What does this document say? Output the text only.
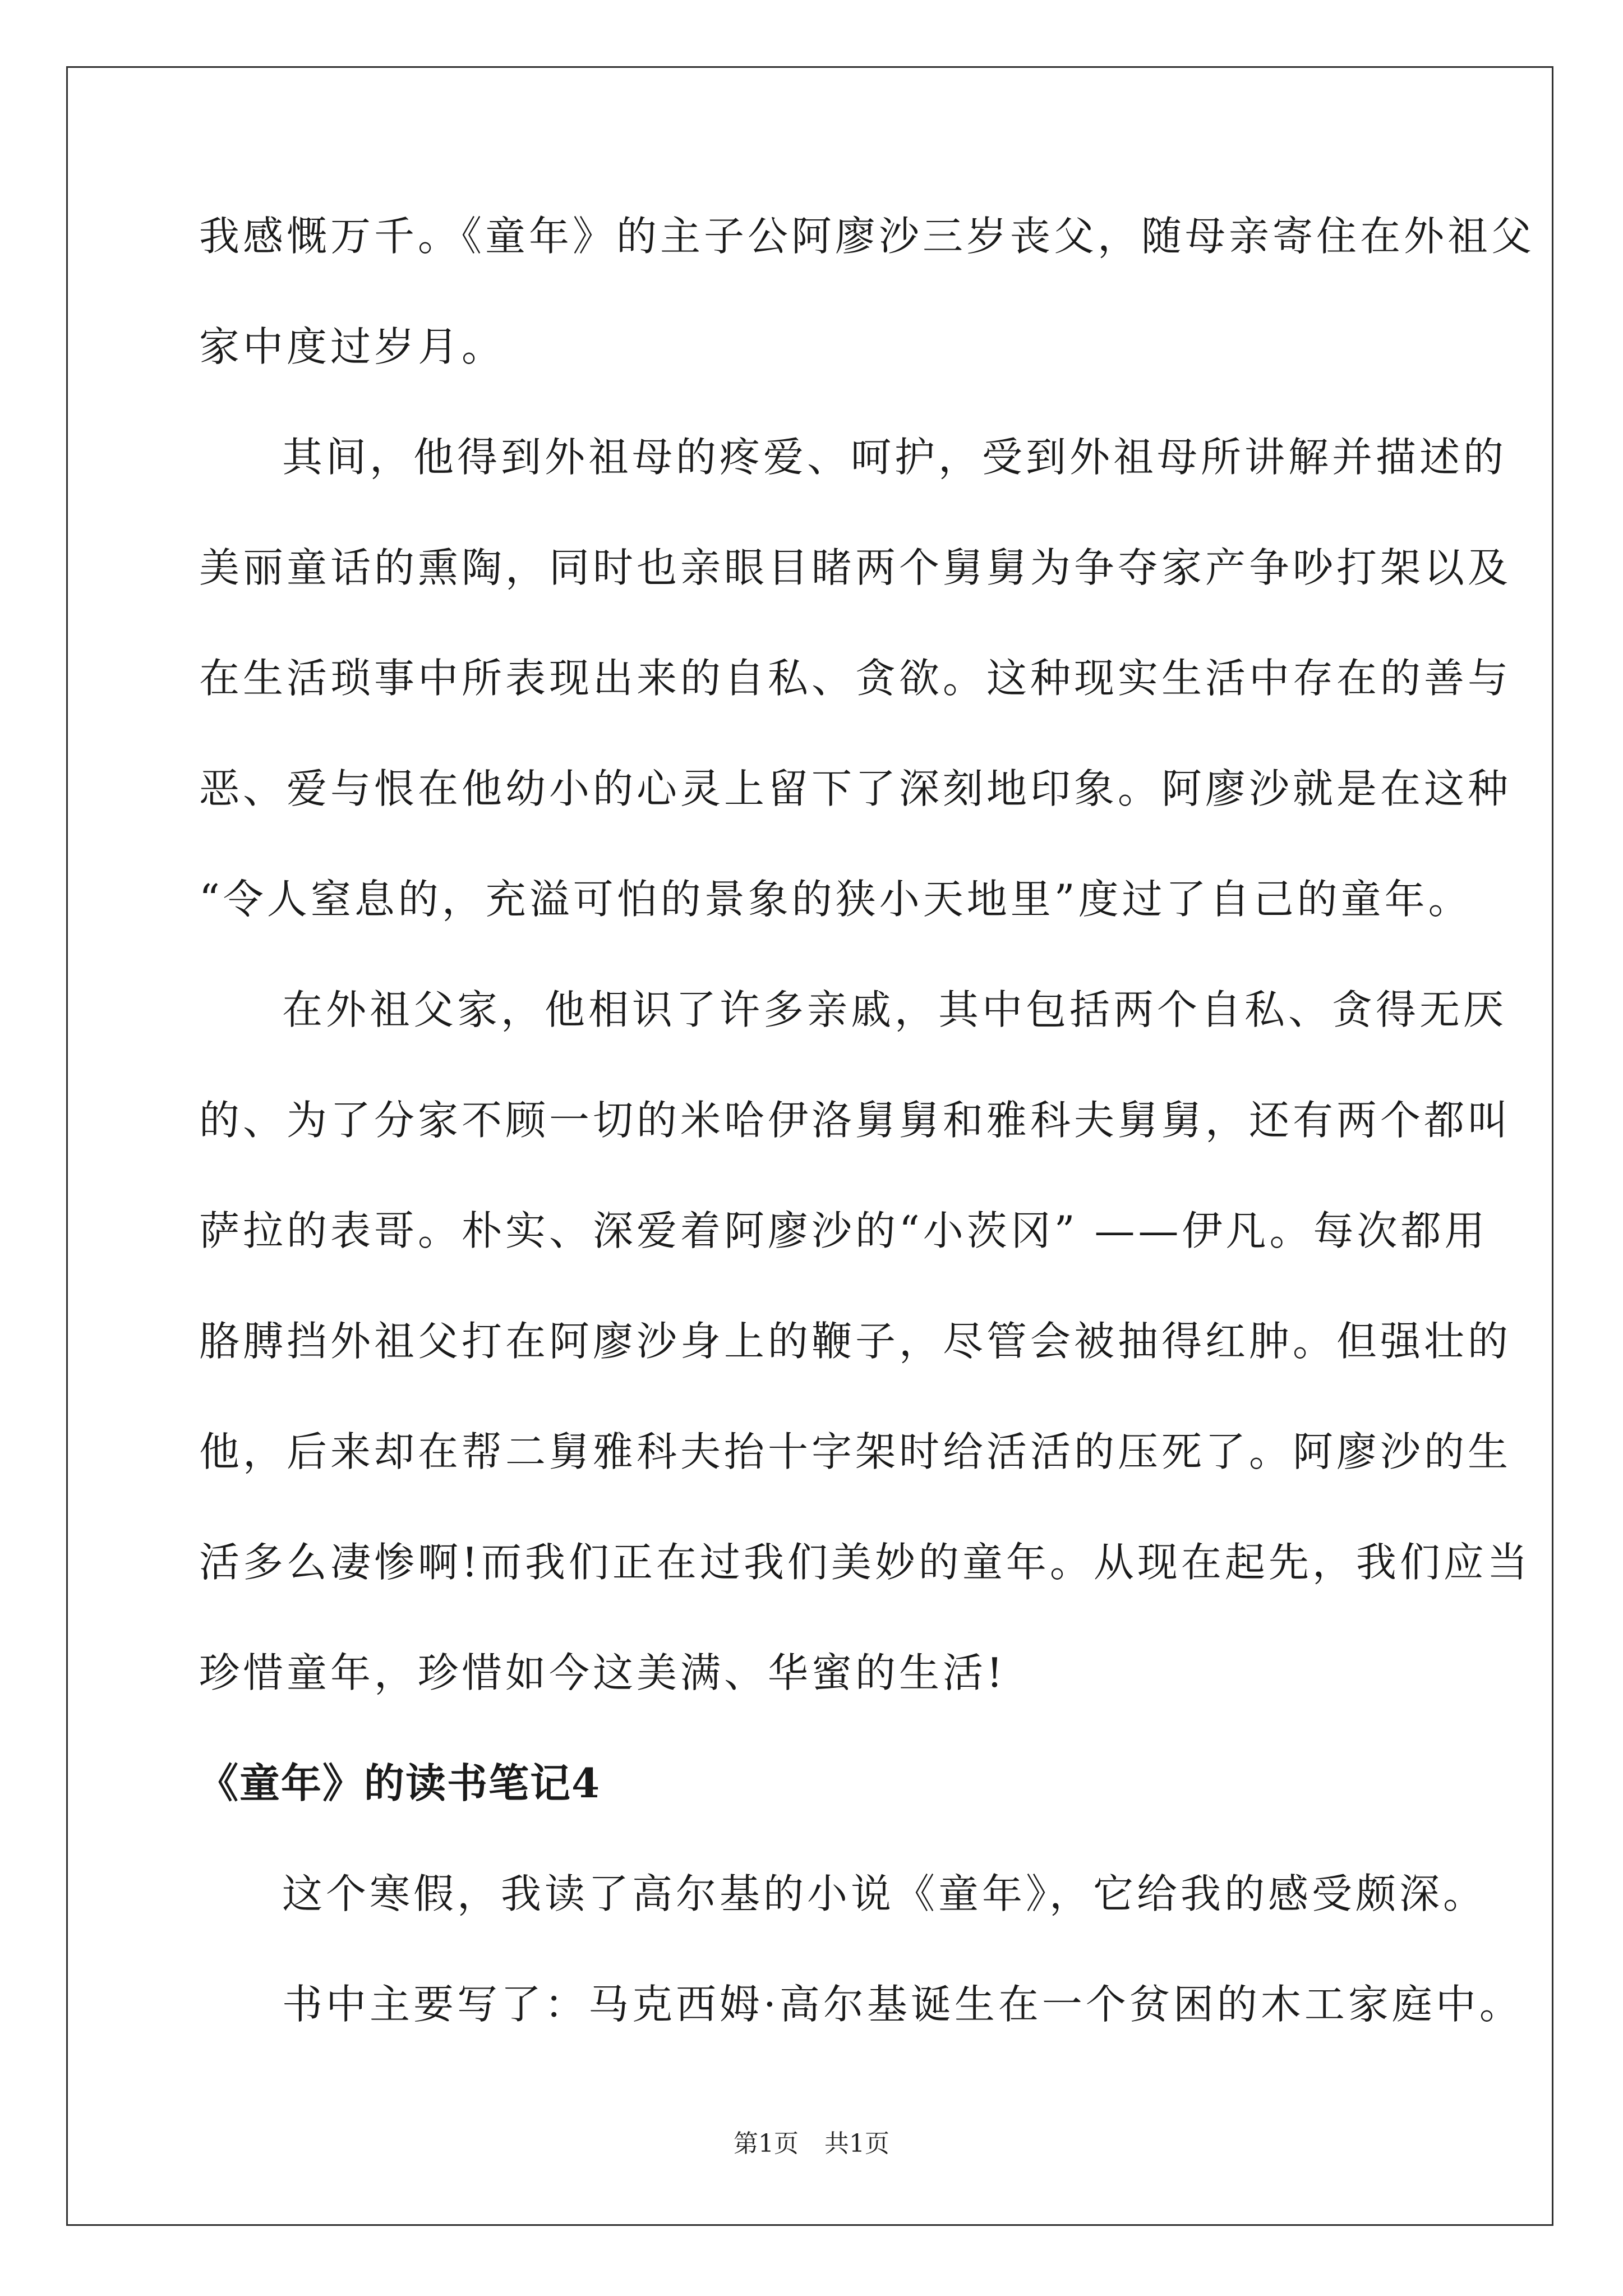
我感慨万千。《童年》的主子公阿廖沙三岁丧父，随母亲寄住在外祖父

家中度过岁月。

其间，他得到外祖母的疼爱、呵护，受到外祖母所讲解并描述的

美丽童话的熏陶，同时也亲眼目睹两个舅舅为争夺家产争吵打架以及

在生活琐事中所表现出来的自私、贪欲。这种现实生活中存在的善与

恶、爱与恨在他幼小的心灵上留下了深刻地印象。阿廖沙就是在这种

“令人窒息的，充溢可怕的景象的狭小天地里”度过了自己的童年。

在外祖父家，他相识了许多亲戚，其中包括两个自私、贪得无厌

的、为了分家不顾一切的米哈伊洛舅舅和雅科夫舅舅，还有两个都叫

萨拉的表哥。朴实、深爱着阿廖沙的“小茨冈” ——伊凡。每次都用

胳膊挡外祖父打在阿廖沙身上的鞭子，尽管会被抽得红肿。但强壮的

他，后来却在帮二舅雅科夫抬十字架时给活活的压死了。阿廖沙的生

活多么凄惨啊!而我们正在过我们美妙的童年。从现在起先，我们应当

珍惜童年，珍惜如今这美满、华蜜的生活!

《童年》的读书笔记4

这个寒假，我读了高尔基的小说《童年》，它给我的感受颇深。

书中主要写了：马克西姆·高尔基诞生在一个贫困的木工家庭中。

第1页 共1页
